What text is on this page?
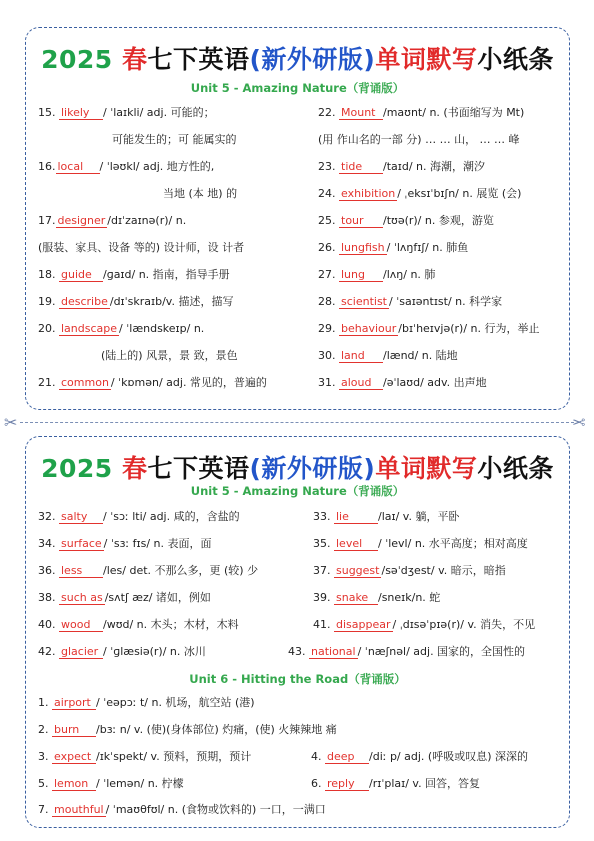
2025 春七下英语(新外研版)单词默写小纸条
Unit 5 - Amazing Nature（背诵版）
15. likely / ˈlaɪkli/ adj. 可能的；
可能发生的；可 能属实的
16. local / ˈləʊkl/ adj. 地方性的,
当地 (本 地) 的
17. designer /dɪˈzaɪnə(r)/ n.
(服装、家具、设备 等的) 设计师，设 计者
18. guide /ɡaɪd/ n. 指南，指导手册
19. describe /dɪˈskraɪb/v. 描述，描写
20. landscape / ˈlændskeɪp/ n.
(陆上的) 风景，景 致，景色
21. common / ˈkɒmən/ adj. 常见的，普遍的
22. Mount /maʊnt/ n. (书面缩写为 Mt)
(用 作山名的一部 分) … … 山， … … 峰
23. tide /taɪd/ n. 海潮，潮汐
24. exhibition / ˌeksɪˈbɪʃn/ n. 展览 (会)
25. tour /tʊə(r)/ n. 参观，游览
26. lungfish / ˈlʌŋfɪʃ/ n. 肺鱼
27. lung /lʌŋ/ n. 肺
28. scientist / ˈsaɪəntɪst/ n. 科学家
29. behaviour /bɪˈheɪvjə(r)/ n. 行为，举止
30. land /lænd/ n. 陆地
31. aloud /əˈlaʊd/ adv. 出声地
✂	✂
2025 春七下英语(新外研版)单词默写小纸条
Unit 5 - Amazing Nature（背诵版）
32. salty / ˈsɔː lti/ adj. 咸的，含盐的
34. surface / ˈsɜː fɪs/ n. 表面，面
36. less /les/ det. 不那么多，更 (较) 少
38. such as /sʌtʃ æz/ 诸如，例如
40. wood /wʊd/ n. 木头；木材，木料
42. glacier / ˈɡlæsiə(r)/ n. 冰川
33. lie	/laɪ/ v. 躺，平卧
35. level / ˈlevl/ n. 水平高度；相对高度
37. suggest /səˈdʒest/ v. 暗示，暗指
39. snake /sneɪk/n. 蛇
41. disappear / ˌdɪsəˈpɪə(r)/ v. 消失，不见
43. national / ˈnæʃnəl/ adj. 国家的，全国性的
Unit 6 - Hitting the Road（背诵版）
1. airport / ˈeəpɔː t/ n. 机场，航空站 (港)
2. burn /bɜː n/ v. (使)(身体部位) 灼痛，(使) 火辣辣地 痛
3. expect /ɪkˈspekt/ v. 预料，预期，预计	4. deep /diː p/ adj. (呼吸或叹息) 深深的
5. lemon / ˈlemən/ n. 柠檬	6. reply /rɪˈplaɪ/ v. 回答，答复
7. mouthful / ˈmaʊθfʊl/ n. (食物或饮料的) 一口，一满口
